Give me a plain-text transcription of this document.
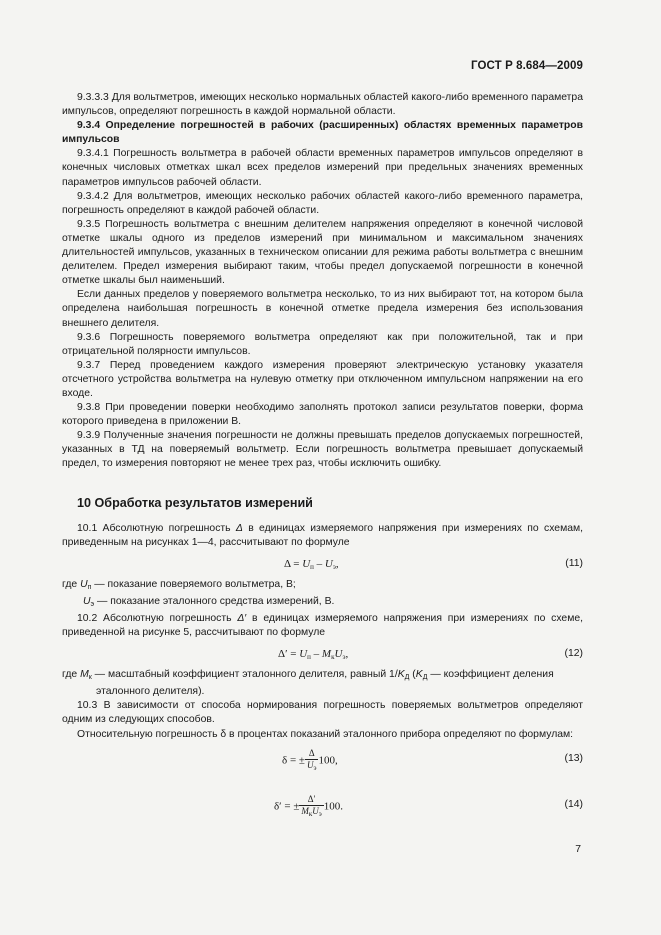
ГОСТ Р 8.684—2009

9.3.3.3 Для вольтметров, имеющих несколько нормальных областей какого-либо временного параметра импульсов, определяют погрешность в каждой нормальной области.

9.3.4 Определение погрешностей в рабочих (расширенных) областях временных параметров импульсов

9.3.4.1 Погрешность вольтметра в рабочей области временных параметров импульсов определяют в конечных числовых отметках шкал всех пределов измерений при предельных значениях временных параметров импульсов рабочей области.

9.3.4.2 Для вольтметров, имеющих несколько рабочих областей какого-либо временного параметра, погрешность определяют в каждой рабочей области.

9.3.5 Погрешность вольтметра с внешним делителем напряжения определяют в конечной числовой отметке шкалы одного из пределов измерений при минимальном и максимальном значениях длительностей импульсов, указанных в техническом описании для режима работы вольтметра с внешним делителем. Предел измерения выбирают таким, чтобы предел допускаемой погрешности в конечной отметке шкалы был наименьший.

Если данных пределов у поверяемого вольтметра несколько, то из них выбирают тот, на котором была определена наибольшая погрешность в конечной отметке предела измерения без использования внешнего делителя.

9.3.6 Погрешность поверяемого вольтметра определяют как при положительной, так и при отрицательной полярности импульсов.

9.3.7 Перед проведением каждого измерения проверяют электрическую установку указателя отсчетного устройства вольтметра на нулевую отметку при отключенном импульсном напряжении на его входе.

9.3.8 При проведении поверки необходимо заполнять протокол записи результатов поверки, форма которого приведена в приложении В.

9.3.9 Полученные значения погрешности не должны превышать пределов допускаемых погрешностей, указанных в ТД на поверяемый вольтметр. Если погрешность вольтметра превышает допускаемый предел, то измерения повторяют не менее трех раз, чтобы исключить ошибку.

10 Обработка результатов измерений

10.1 Абсолютную погрешность Δ в единицах измеряемого напряжения при измерениях по схемам, приведенным на рисунках 1—4, рассчитывают по формуле

$\Delta = U_п - U_э$,	(11)

где $U_п$ — показание поверяемого вольтметра, В;

$U_э$ — показание эталонного средства измерений, В.

10.2 Абсолютную погрешность Δ′ в единицах измеряемого напряжения при измерениях по схеме, приведенной на рисунке 5, рассчитывают по формуле

$\Delta' = U_п - M_кU_э$,	(12)

где $M_к$ — масштабный коэффициент эталонного делителя, равный $1/K_Д$ ($K_Д$ — коэффициент деления

эталонного делителя).

10.3 В зависимости от способа нормирования погрешность поверяемых вольтметров определяют одним из следующих способов.

Относительную погрешность δ в процентах показаний эталонного прибора определяют по формулам:

δ = ± $\frac{\Delta}{U_э} 100$,	(13)
δ′ = ± $\frac{\Delta'}{M_кU_э} 100$.	(14)
7
